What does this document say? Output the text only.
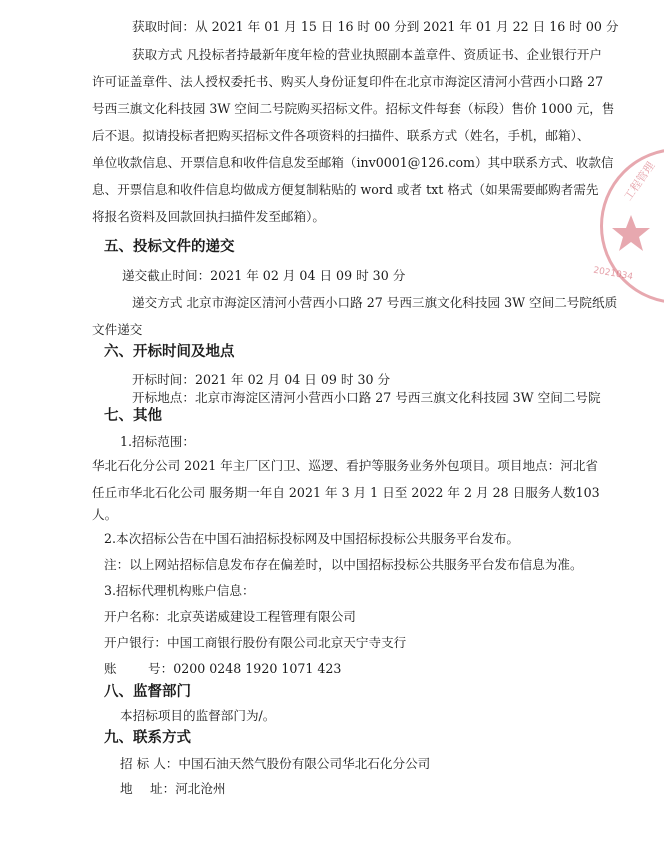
工程管理
2021034
获取时间：从 2021 年 01 月 15 日 16 时 00 分到 2021 年 01 月 22 日 16 时 00 分
获取方式 凡投标者持最新年度年检的营业执照副本盖章件、资质证书、企业银行开户
许可证盖章件、法人授权委托书、购买人身份证复印件在北京市海淀区清河小营西小口路 27
号西三旗文化科技园 3W 空间二号院购买招标文件。招标文件每套（标段）售价 1000 元，售
后不退。拟请投标者把购买招标文件各项资料的扫描件、联系方式（姓名，手机，邮箱）、
单位收款信息、开票信息和收件信息发至邮箱（inv0001@126.com）其中联系方式、收款信
息、开票信息和收件信息均做成方便复制粘贴的 word 或者 txt 格式（如果需要邮购者需先
将报名资料及回款回执扫描件发至邮箱）。
五、投标文件的递交
递交截止时间：2021 年 02 月 04 日 09 时 30 分
递交方式 北京市海淀区清河小营西小口路 27 号西三旗文化科技园 3W 空间二号院纸质
文件递交
六、开标时间及地点
开标时间：2021 年 02 月 04 日 09 时 30 分
开标地点：北京市海淀区清河小营西小口路 27 号西三旗文化科技园 3W 空间二号院
七、其他
1.招标范围：
华北石化分公司 2021 年主厂区门卫、巡逻、看护等服务业务外包项目。项目地点：河北省
任丘市华北石化公司 服务期一年自 2021 年 3 月 1 日至 2022 年 2 月 28 日服务人数103
人。
2.本次招标公告在中国石油招标投标网及中国招标投标公共服务平台发布。
注：以上网站招标信息发布存在偏差时，以中国招标投标公共服务平台发布信息为准。
3.招标代理机构账户信息：
开户名称：北京英诺威建设工程管理有限公司
开户银行：中国工商银行股份有限公司北京天宁寺支行
账 号：0200 0248 1920 1071 423
八、监督部门
本招标项目的监督部门为/。
九、联系方式
招 标 人：中国石油天然气股份有限公司华北石化分公司
地 址：河北沧州
